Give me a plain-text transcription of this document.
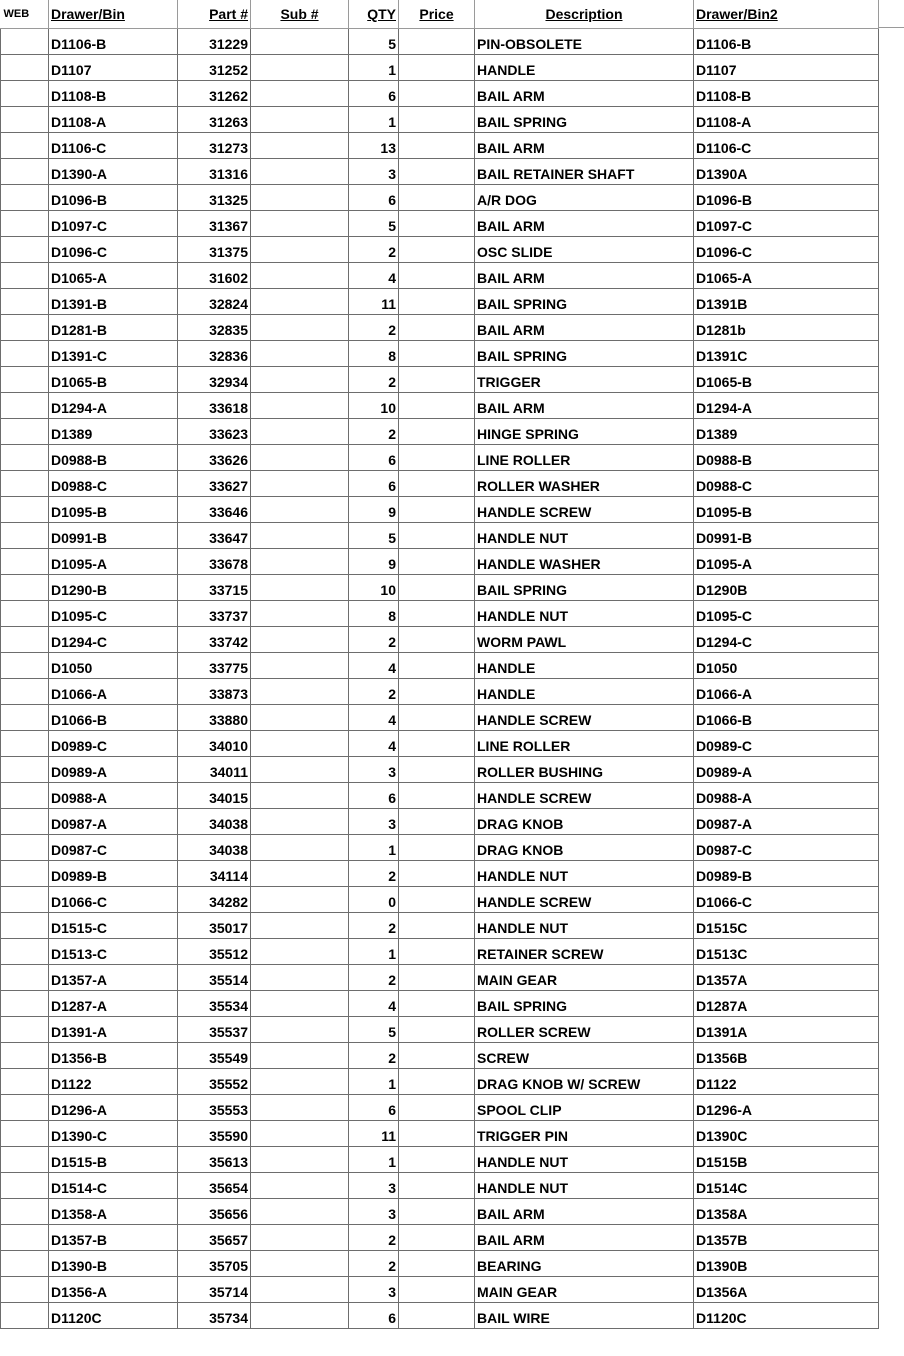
WEB	Drawer/Bin	Part #	Sub #	QTY	Price	Description	Drawer/Bin2
	D1106-B	31229		5		PIN-OBSOLETE	D1106-B
	D1107	31252		1		HANDLE	D1107
	D1108-B	31262		6		BAIL ARM	D1108-B
	D1108-A	31263		1		BAIL SPRING	D1108-A
	D1106-C	31273		13		BAIL ARM	D1106-C
	D1390-A	31316		3		BAIL RETAINER SHAFT	D1390A
	D1096-B	31325		6		A/R DOG	D1096-B
	D1097-C	31367		5		BAIL ARM	D1097-C
	D1096-C	31375		2		OSC SLIDE	D1096-C
	D1065-A	31602		4		BAIL ARM	D1065-A
	D1391-B	32824		11		BAIL SPRING	D1391B
	D1281-B	32835		2		BAIL ARM	D1281b
	D1391-C	32836		8		BAIL SPRING	D1391C
	D1065-B	32934		2		TRIGGER	D1065-B
	D1294-A	33618		10		BAIL ARM	D1294-A
	D1389	33623		2		HINGE SPRING	D1389
	D0988-B	33626		6		LINE ROLLER	D0988-B
	D0988-C	33627		6		ROLLER WASHER	D0988-C
	D1095-B	33646		9		HANDLE SCREW	D1095-B
	D0991-B	33647		5		HANDLE NUT	D0991-B
	D1095-A	33678		9		HANDLE WASHER	D1095-A
	D1290-B	33715		10		BAIL SPRING	D1290B
	D1095-C	33737		8		HANDLE NUT	D1095-C
	D1294-C	33742		2		WORM PAWL	D1294-C
	D1050	33775		4		HANDLE	D1050
	D1066-A	33873		2		HANDLE	D1066-A
	D1066-B	33880		4		HANDLE SCREW	D1066-B
	D0989-C	34010		4		LINE ROLLER	D0989-C
	D0989-A	34011		3		ROLLER BUSHING	D0989-A
	D0988-A	34015		6		HANDLE SCREW	D0988-A
	D0987-A	34038		3		DRAG KNOB	D0987-A
	D0987-C	34038		1		DRAG KNOB	D0987-C
	D0989-B	34114		2		HANDLE NUT	D0989-B
	D1066-C	34282		0		HANDLE SCREW	D1066-C
	D1515-C	35017		2		HANDLE NUT	D1515C
	D1513-C	35512		1		RETAINER SCREW	D1513C
	D1357-A	35514		2		MAIN GEAR	D1357A
	D1287-A	35534		4		BAIL SPRING	D1287A
	D1391-A	35537		5		ROLLER SCREW	D1391A
	D1356-B	35549		2		SCREW	D1356B
	D1122	35552		1		DRAG KNOB W/ SCREW	D1122
	D1296-A	35553		6		SPOOL CLIP	D1296-A
	D1390-C	35590		11		TRIGGER PIN	D1390C
	D1515-B	35613		1		HANDLE NUT	D1515B
	D1514-C	35654		3		HANDLE NUT	D1514C
	D1358-A	35656		3		BAIL ARM	D1358A
	D1357-B	35657		2		BAIL ARM	D1357B
	D1390-B	35705		2		BEARING	D1390B
	D1356-A	35714		3		MAIN GEAR	D1356A
	D1120C	35734		6		BAIL WIRE	D1120C
